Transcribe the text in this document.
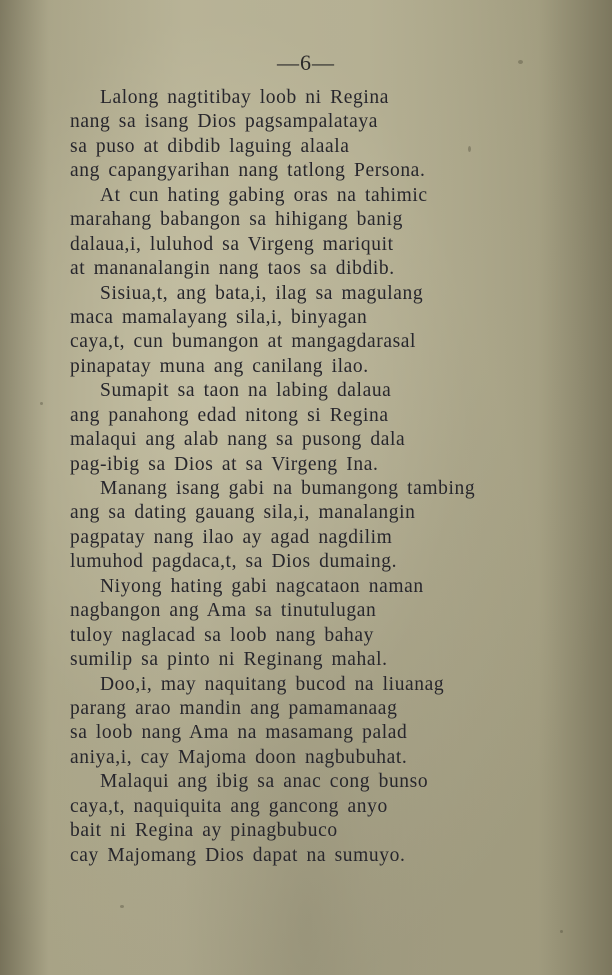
—6—
Lalong nagtitibay loob ni Regina
nang sa isang Dios pagsampalataya
sa puso at dibdib laguing alaala
ang capangyarihan nang tatlong Persona.
At cun hating gabing oras na tahimic
marahang babangon sa hihigang banig
dalaua,i, luluhod sa Virgeng mariquit
at mananalangin nang taos sa dibdib.
Sisiua,t, ang bata,i, ilag sa magulang
maca mamalayang sila,i, binyagan
caya,t, cun bumangon at mangagdarasal
pinapatay muna ang canilang ilao.
Sumapit sa taon na labing dalaua
ang panahong edad nitong si Regina
malaqui ang alab nang sa pusong dala
pag-ibig sa Dios at sa Virgeng Ina.
Manang isang gabi na bumangong tambing
ang sa dating gauang sila,i, manalangin
pagpatay nang ilao ay agad nagdilim
lumuhod pagdaca,t, sa Dios dumaing.
Niyong hating gabi nagcataon naman
nagbangon ang Ama sa tinutulugan
tuloy naglacad sa loob nang bahay
sumilip sa pinto ni Reginang mahal.
Doo,i, may naquitang bucod na liuanag
parang arao mandin ang pamamanaag
sa loob nang Ama na masamang palad
aniya,i, cay Majoma doon nagbubuhat.
Malaqui ang ibig sa anac cong bunso
caya,t, naquiquita ang gancong anyo
bait ni Regina ay pinagbubuco
cay Majomang Dios dapat na sumuyo.
